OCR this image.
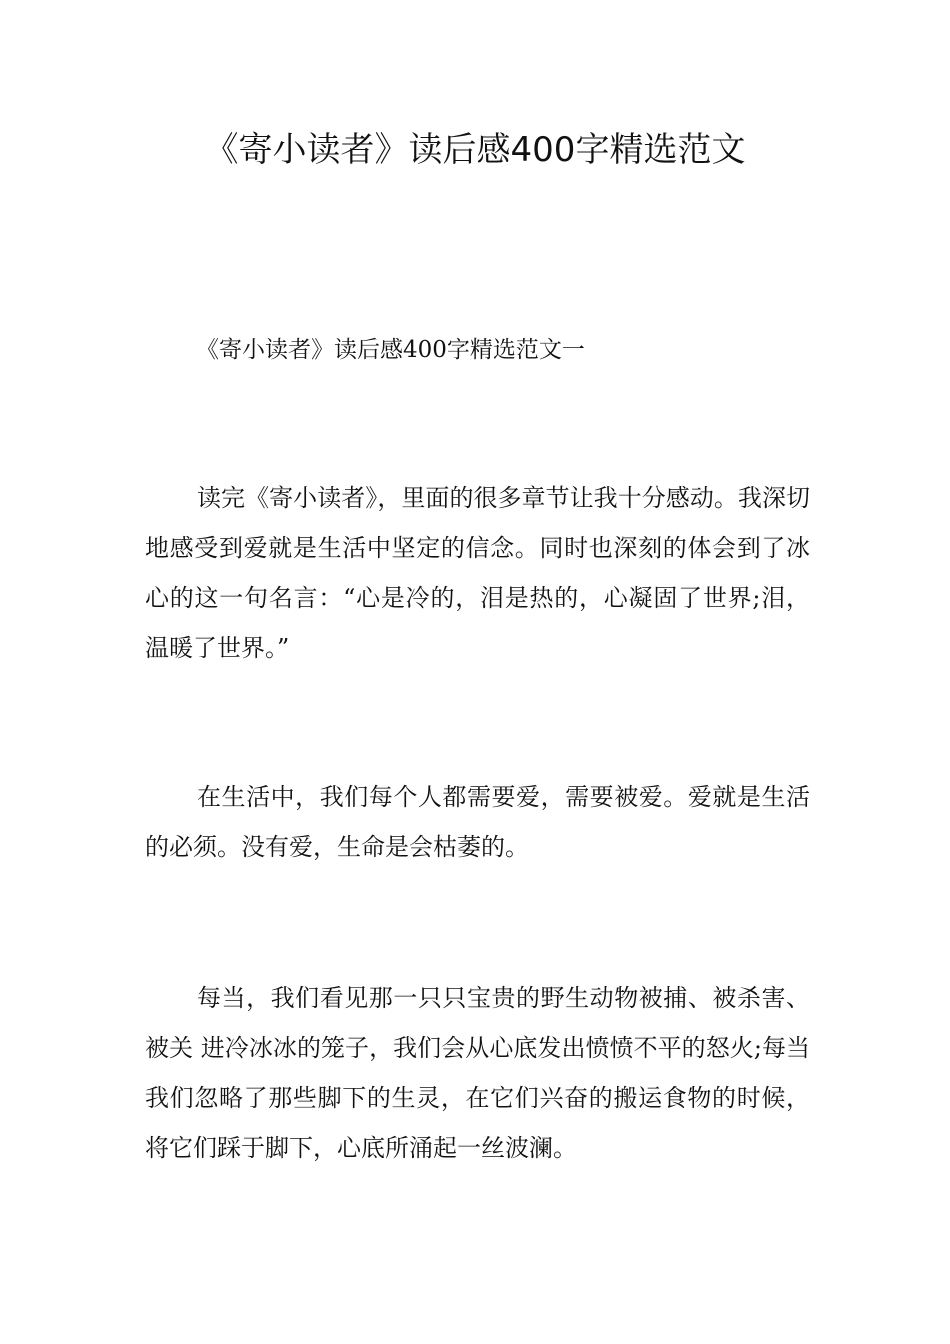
《寄小读者》读后感400字精选范文

《寄小读者》读后感400字精选范文一

读完《寄小读者》，里面的很多章节让我十分感动。我深切地感受到爱就是生活中坚定的信念。同时也深刻的体会到了冰心的这一句名言：“心是冷的，泪是热的，心凝固了世界;泪，温暖了世界。”

在生活中，我们每个人都需要爱，需要被爱。爱就是生活的必须。没有爱，生命是会枯萎的。

每当，我们看见那一只只宝贵的野生动物被捕、被杀害、被关 进冷冰冰的笼子，我们会从心底发出愤愤不平的怒火;每当我们忽略了那些脚下的生灵，在它们兴奋的搬运食物的时候，将它们踩于脚下，心底所涌起一丝波澜。
